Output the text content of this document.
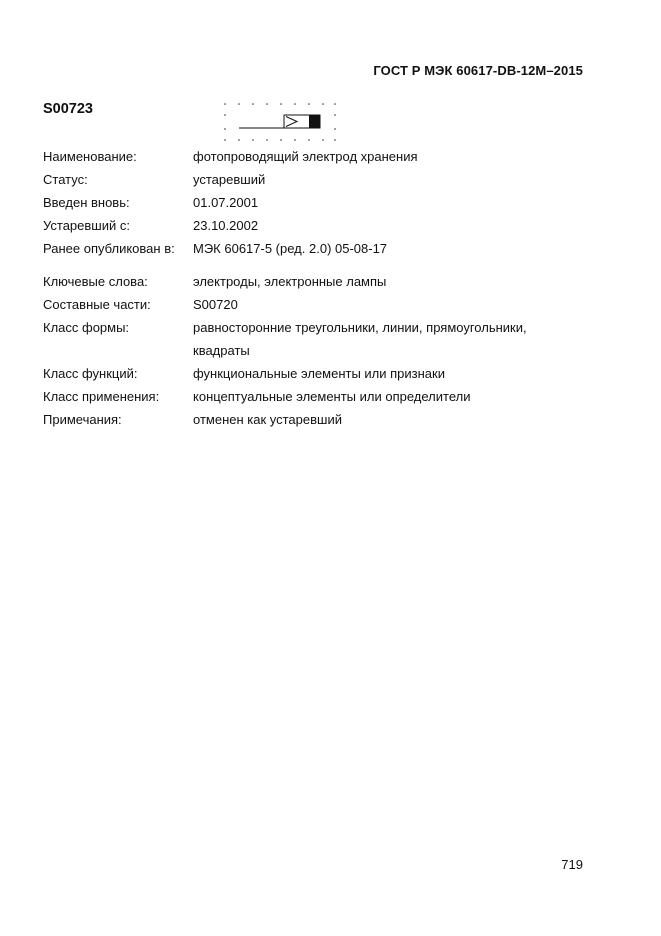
ГОСТ Р МЭК 60617-DB-12M–2015
S00723
Наименование:	фотопроводящий электрод хранения
Статус:	устаревший
Введен вновь:	01.07.2001
Устаревший с:	23.10.2002
Ранее опубликован в: МЭК 60617-5 (ред. 2.0) 05-08-17
Ключевые слова:	электроды, электронные лампы
Составные части:	S00720
Класс формы:	равносторонние треугольники, линии, прямоугольники,
квадраты
Класс функций:	функциональные элементы или признаки
Класс применения:	концептуальные элементы или определители
Примечания:	отменен как устаревший
719
